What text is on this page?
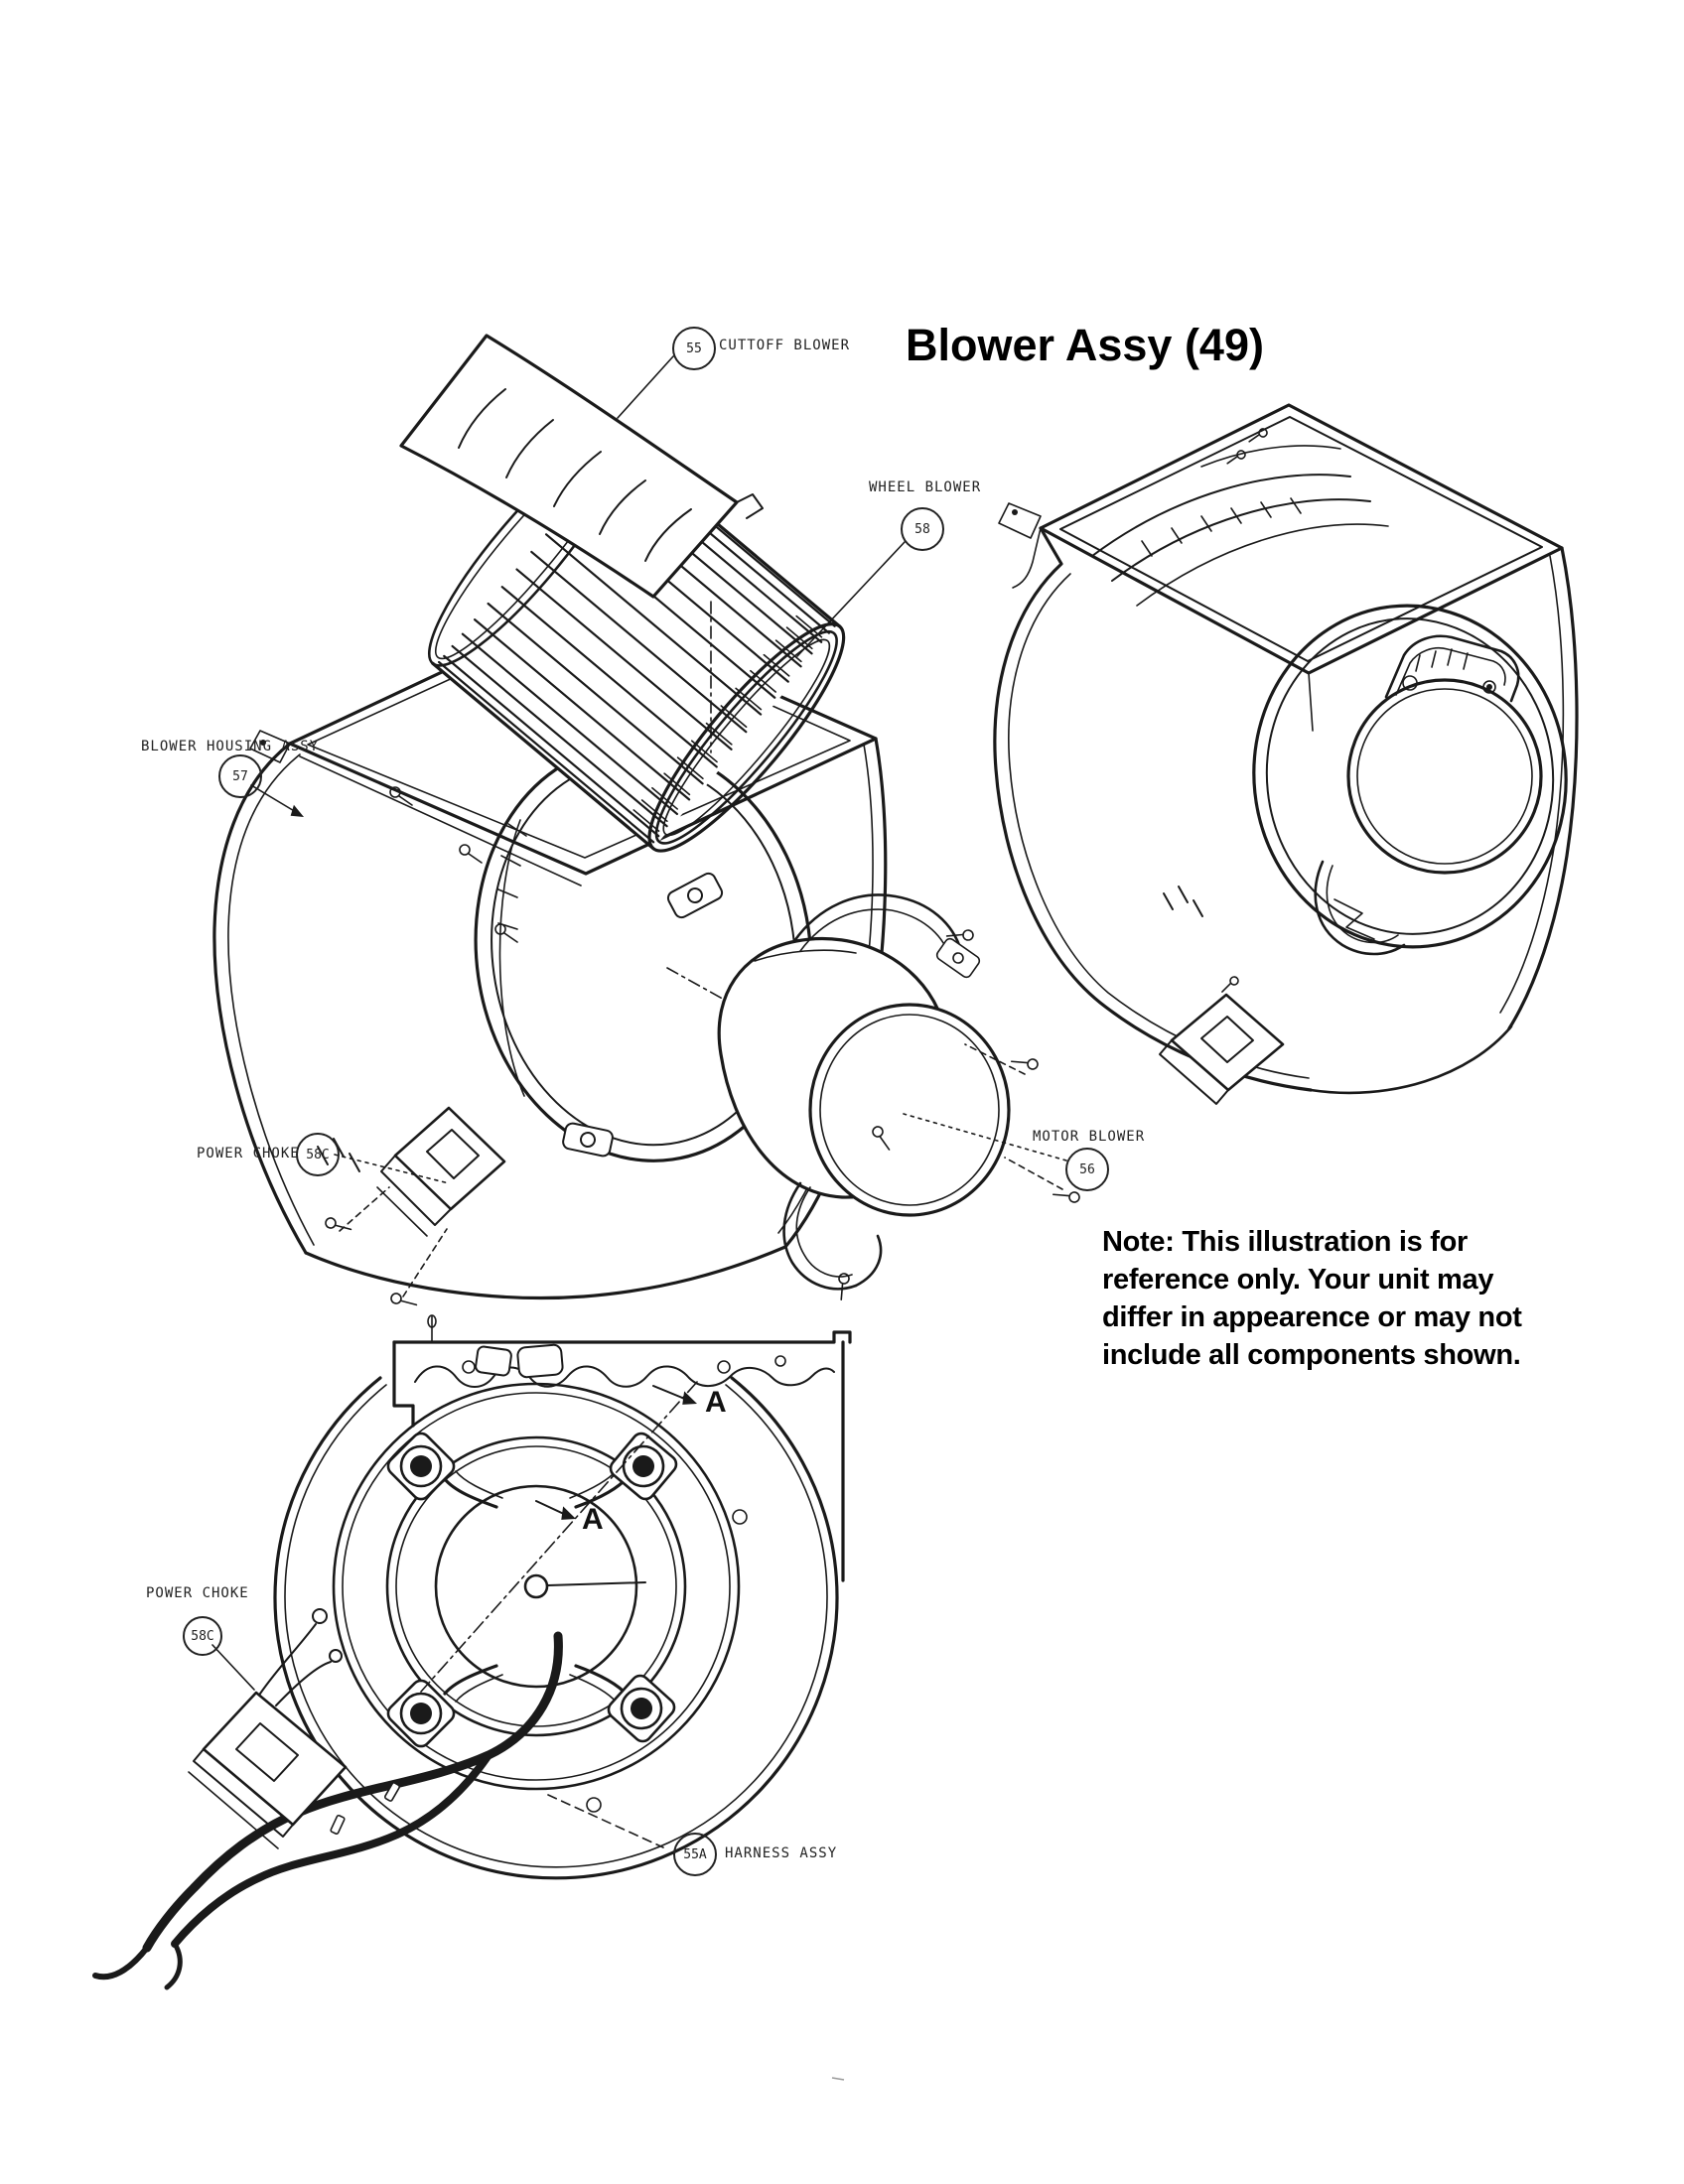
Blower Assy (49)
Note: This illustration is for
reference only. Your unit may
differ in appearence or may not
include all components shown.
55 CUTTOFF BLOWER
WHEEL BLOWER
58
BLOWER HOUSING ASSY
57
POWER CHOKE 58C
MOTOR BLOWER
56
POWER CHOKE
58C
55A HARNESS ASSY
A
A
